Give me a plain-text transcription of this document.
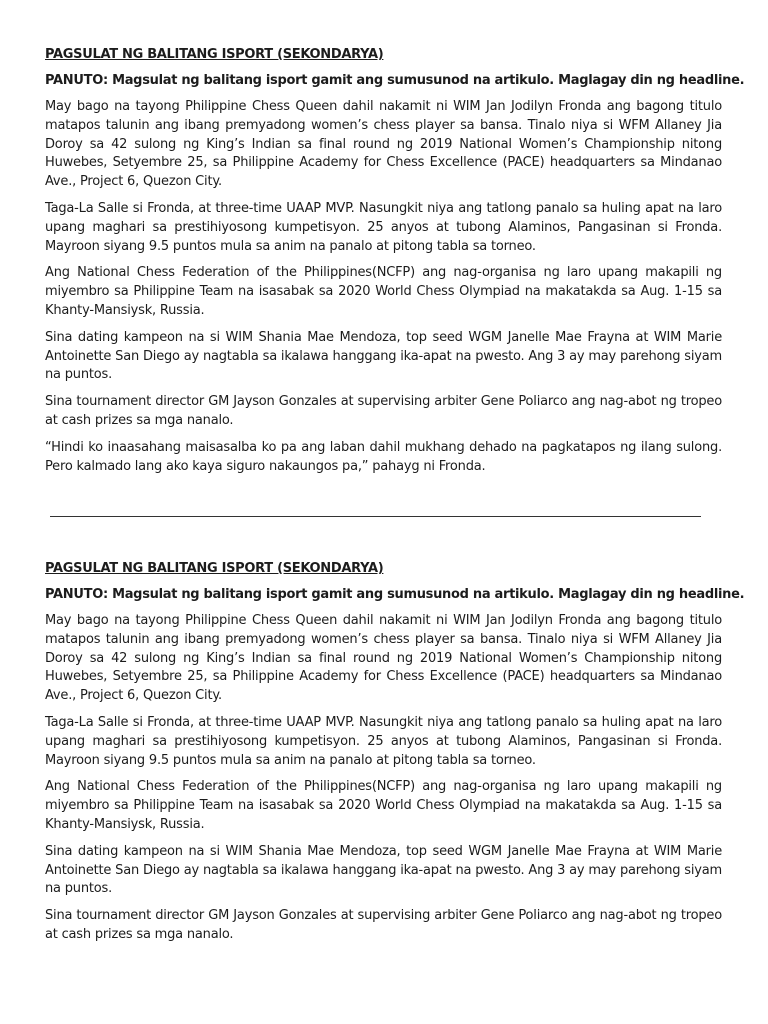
PAGSULAT NG BALITANG ISPORT (SEKONDARYA)

PANUTO: Magsulat ng balitang isport gamit ang sumusunod na artikulo. Maglagay din ng headline.

May bago na tayong Philippine Chess Queen dahil nakamit ni WIM Jan Jodilyn Fronda ang bagong titulo matapos talunin ang ibang premyadong women’s chess player sa bansa. Tinalo niya si WFM Allaney Jia Doroy sa 42 sulong ng King’s Indian sa final round ng 2019 National Women’s Championship nitong Huwebes, Setyembre 25, sa Philippine Academy for Chess Excellence (PACE) headquarters sa Mindanao Ave., Project 6, Quezon City.

Taga-La Salle si Fronda, at three-time UAAP MVP. Nasungkit niya ang tatlong panalo sa huling apat na laro upang maghari sa prestihiyosong kumpetisyon. 25 anyos at tubong Alaminos, Pangasinan si Fronda. Mayroon siyang 9.5 puntos mula sa anim na panalo at pitong tabla sa torneo.

Ang National Chess Federation of the Philippines(NCFP) ang nag-organisa ng laro upang makapili ng miyembro sa Philippine Team na isasabak sa 2020 World Chess Olympiad na makatakda sa Aug. 1-15 sa Khanty-Mansiysk, Russia.

Sina dating kampeon na si WIM Shania Mae Mendoza, top seed WGM Janelle Mae Frayna at WIM Marie Antoinette San Diego ay nagtabla sa ikalawa hanggang ika-apat na pwesto. Ang 3 ay may parehong siyam na puntos.

Sina tournament director GM Jayson Gonzales at supervising arbiter Gene Poliarco ang nag-abot ng tropeo at cash prizes sa mga nanalo.

“Hindi ko inaasahang maisasalba ko pa ang laban dahil mukhang dehado na pagkatapos ng ilang sulong. Pero kalmado lang ako kaya siguro nakaungos pa,” pahayg ni Fronda.

PAGSULAT NG BALITANG ISPORT (SEKONDARYA)

PANUTO: Magsulat ng balitang isport gamit ang sumusunod na artikulo. Maglagay din ng headline.

May bago na tayong Philippine Chess Queen dahil nakamit ni WIM Jan Jodilyn Fronda ang bagong titulo matapos talunin ang ibang premyadong women’s chess player sa bansa. Tinalo niya si WFM Allaney Jia Doroy sa 42 sulong ng King’s Indian sa final round ng 2019 National Women’s Championship nitong Huwebes, Setyembre 25, sa Philippine Academy for Chess Excellence (PACE) headquarters sa Mindanao Ave., Project 6, Quezon City.

Taga-La Salle si Fronda, at three-time UAAP MVP. Nasungkit niya ang tatlong panalo sa huling apat na laro upang maghari sa prestihiyosong kumpetisyon. 25 anyos at tubong Alaminos, Pangasinan si Fronda. Mayroon siyang 9.5 puntos mula sa anim na panalo at pitong tabla sa torneo.

Ang National Chess Federation of the Philippines(NCFP) ang nag-organisa ng laro upang makapili ng miyembro sa Philippine Team na isasabak sa 2020 World Chess Olympiad na makatakda sa Aug. 1-15 sa Khanty-Mansiysk, Russia.

Sina dating kampeon na si WIM Shania Mae Mendoza, top seed WGM Janelle Mae Frayna at WIM Marie Antoinette San Diego ay nagtabla sa ikalawa hanggang ika-apat na pwesto. Ang 3 ay may parehong siyam na puntos.

Sina tournament director GM Jayson Gonzales at supervising arbiter Gene Poliarco ang nag-abot ng tropeo at cash prizes sa mga nanalo.
